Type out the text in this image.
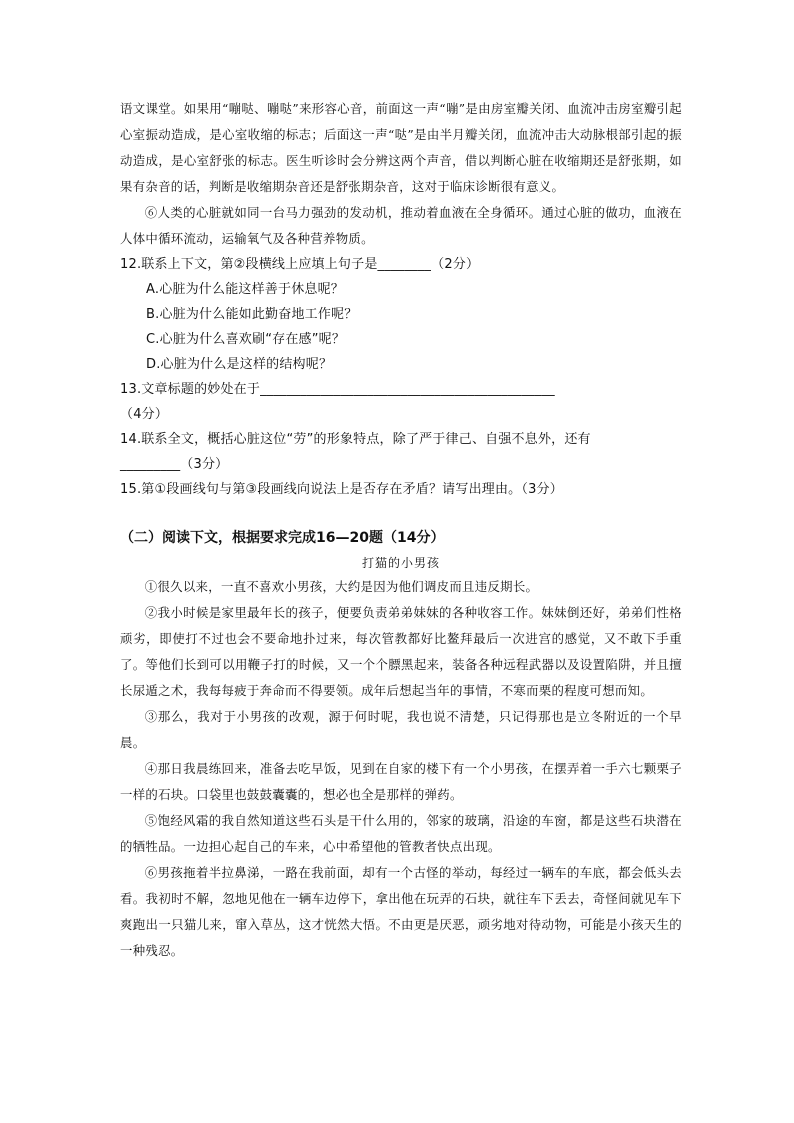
语文课堂。如果用“嘣哒、嘣哒”来形容心音，前面这一声“嘣”是由房室瓣关闭、血流冲击房室瓣引起心室振动造成，是心室收缩的标志；后面这一声“哒”是由半月瓣关闭，血流冲击大动脉根部引起的振动造成，是心室舒张的标志。医生听诊时会分辨这两个声音，借以判断心脏在收缩期还是舒张期，如果有杂音的话，判断是收缩期杂音还是舒张期杂音，这对于临床诊断很有意义。

⑥人类的心脏就如同一台马力强劲的发动机，推动着血液在全身循环。通过心脏的做功，血液在人体中循环流动，运输氧气及各种营养物质。

12.联系上下文，第②段横线上应填上句子是________（2分）

A.心脏为什么能这样善于休息呢？

B.心脏为什么能如此勤奋地工作呢？

C.心脏为什么喜欢刷“存在感”呢？

D.心脏为什么是这样的结构呢？

13.文章标题的妙处在于____________________________________________

（4分）

14.联系全文，概括心脏这位“劳”的形象特点，除了严于律己、自强不息外，还有

_________（3分）

15.第①段画线句与第③段画线向说法上是否存在矛盾？请写出理由。（3分）

（二）阅读下文，根据要求完成16—20题（14分）

打猫的小男孩

①很久以来，一直不喜欢小男孩，大约是因为他们调皮而且违反期长。

②我小时候是家里最年长的孩子，便要负责弟弟妹妹的各种收容工作。妹妹倒还好，弟弟们性格顽劣，即使打不过也会不要命地扑过来，每次管教都好比鳌拜最后一次进宫的感觉，又不敢下手重了。等他们长到可以用鞭子打的时候，又一个个膘黑起来，装备各种远程武器以及设置陷阱，并且擅长尿遁之术，我每每疲于奔命而不得要领。成年后想起当年的事情，不寒而栗的程度可想而知。

③那么，我对于小男孩的改观，源于何时呢，我也说不清楚，只记得那也是立冬附近的一个早晨。

④那日我晨练回来，准备去吃早饭，见到在自家的楼下有一个小男孩，在摆弄着一手六七颗栗子一样的石块。口袋里也鼓鼓囊囊的，想必也全是那样的弹药。

⑤饱经风霜的我自然知道这些石头是干什么用的，邻家的玻璃，沿途的车窗，都是这些石块潜在的牺牲品。一边担心起自己的车来，心中希望他的管教者快点出现。

⑥男孩拖着半拉鼻涕，一路在我前面，却有一个古怪的举动，每经过一辆车的车底，都会低头去看。我初时不解，忽地见他在一辆车边停下，拿出他在玩弄的石块，就往车下丢去，奇怪间就见车下爽跑出一只猫儿来，窜入草丛，这才恍然大悟。不由更是厌恶，顽劣地对待动物，可能是小孩天生的一种残忍。
